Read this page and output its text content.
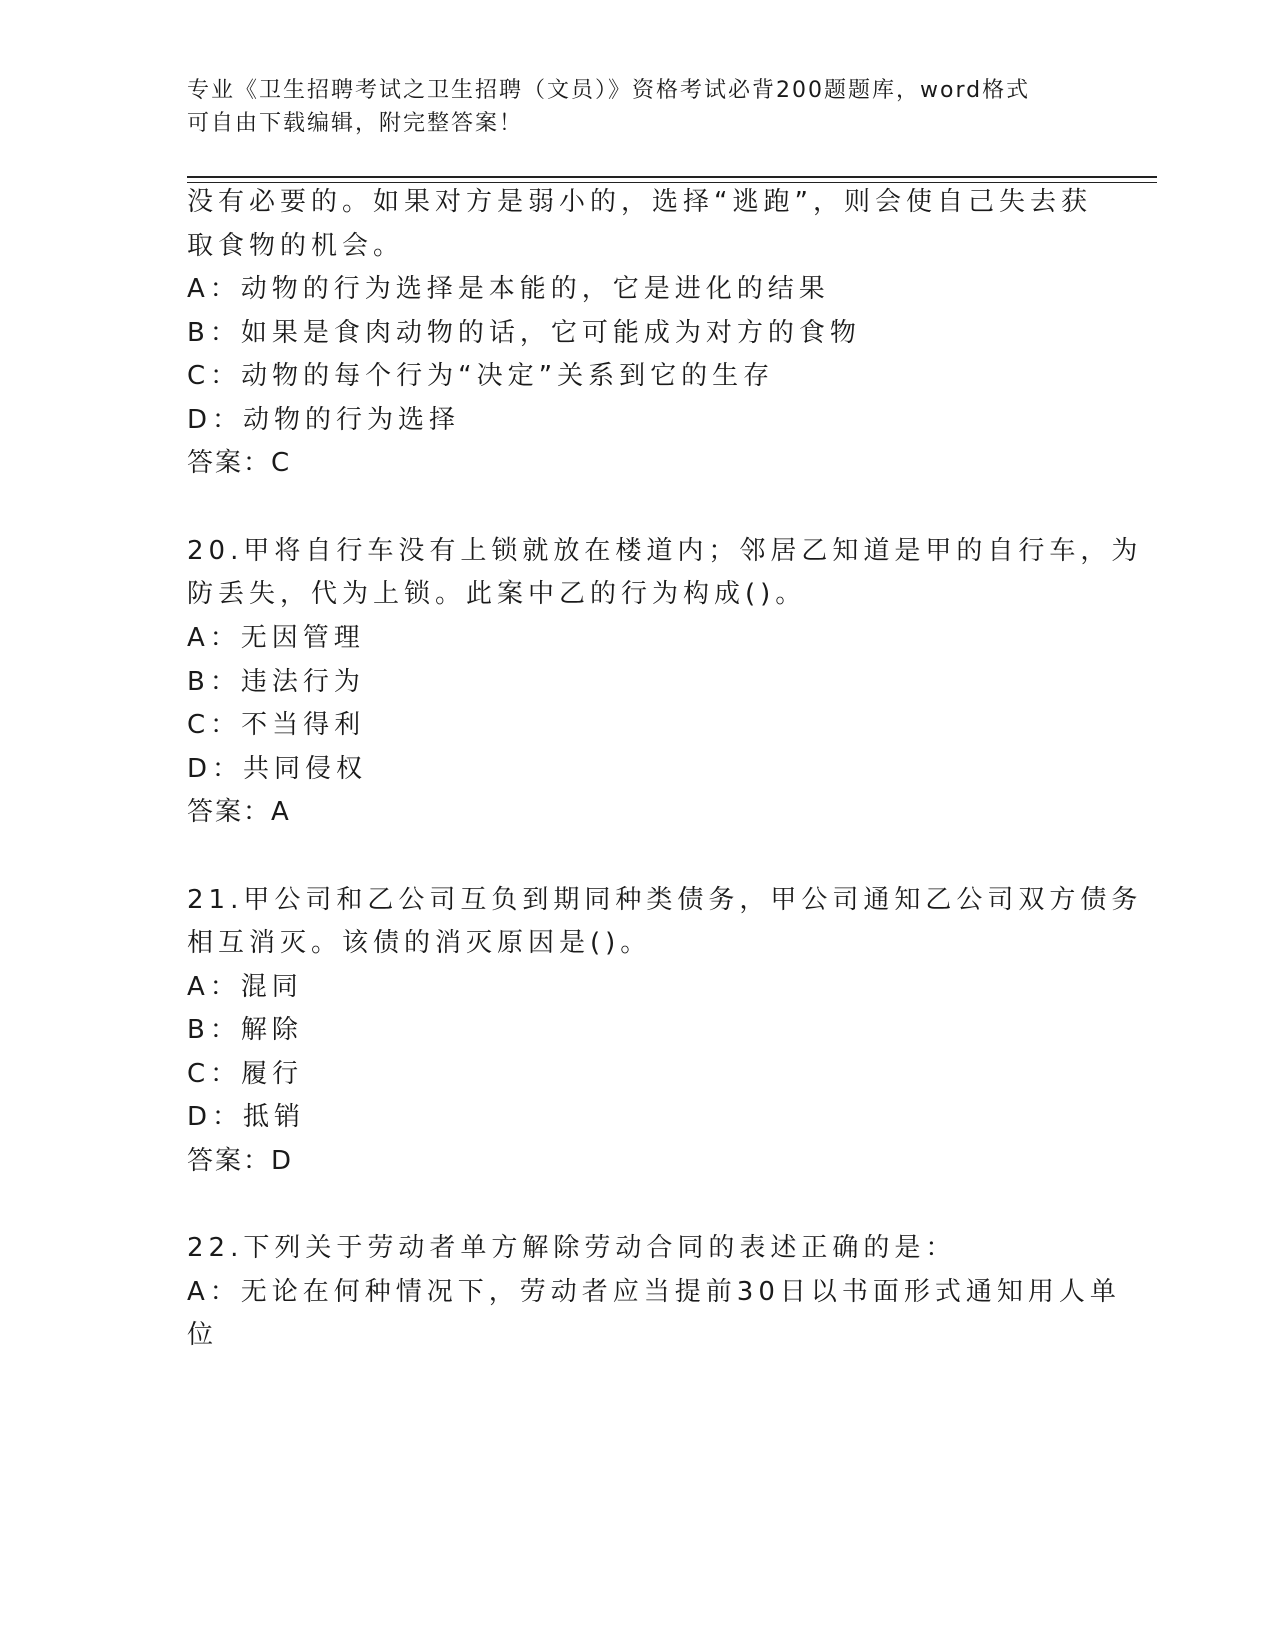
专业《卫生招聘考试之卫生招聘（文员）》资格考试必背200题题库，word格式
可自由下载编辑，附完整答案！
没有必要的。如果对方是弱小的，选择“逃跑”，则会使自己失去获
取食物的机会。
A：动物的行为选择是本能的，它是进化的结果
B：如果是食肉动物的话，它可能成为对方的食物
C：动物的每个行为“决定”关系到它的生存
D：动物的行为选择
答案：C
20.甲将自行车没有上锁就放在楼道内；邻居乙知道是甲的自行车，为
防丢失，代为上锁。此案中乙的行为构成()。
A：无因管理
B：违法行为
C：不当得利
D：共同侵权
答案：A
21.甲公司和乙公司互负到期同种类债务，甲公司通知乙公司双方债务
相互消灭。该债的消灭原因是()。
A：混同
B：解除
C：履行
D：抵销
答案：D
22.下列关于劳动者单方解除劳动合同的表述正确的是：
A：无论在何种情况下，劳动者应当提前30日以书面形式通知用人单
位
